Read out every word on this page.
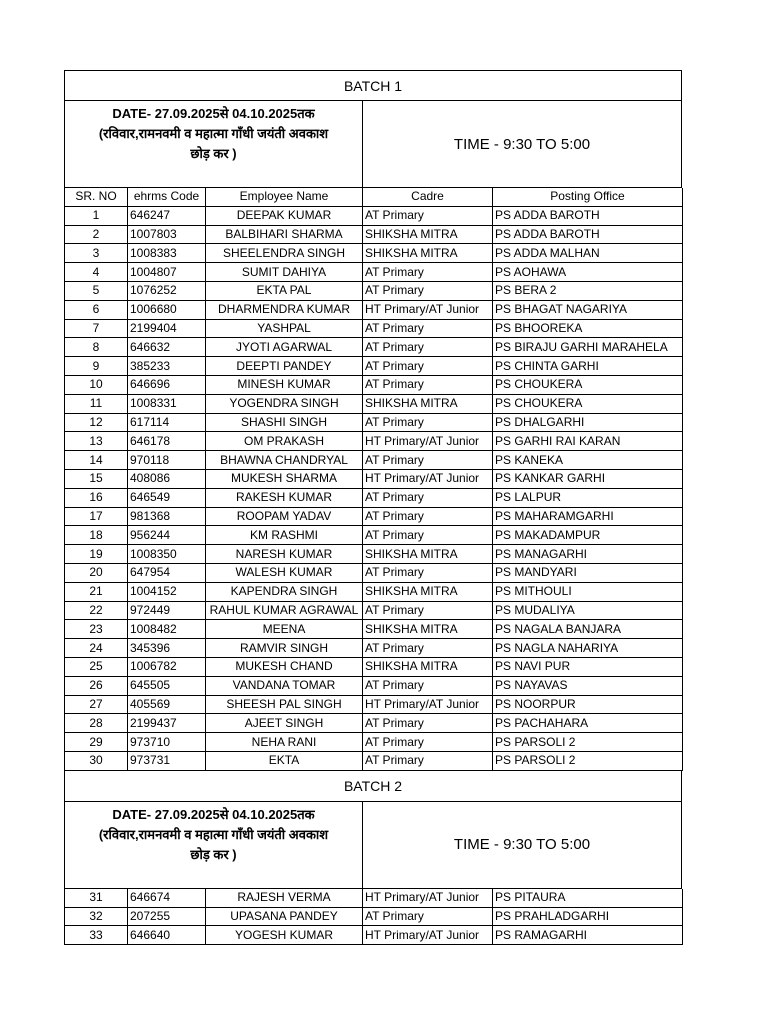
BATCH 1
DATE- 27.09.2025से 04.10.2025तक
(रविवार,रामनवमी व महात्मा गाँधी जयंती अवकाश
छोड़ कर )
TIME - 9:30 TO 5:00
SR. NO	ehrms Code	Employee Name	Cadre	Posting Office
1	646247	DEEPAK KUMAR	AT Primary	PS ADDA BAROTH
2	1007803	BALBIHARI SHARMA	SHIKSHA MITRA	PS ADDA BAROTH
3	1008383	SHEELENDRA SINGH	SHIKSHA MITRA	PS ADDA MALHAN
4	1004807	SUMIT DAHIYA	AT Primary	PS AOHAWA
5	1076252	EKTA PAL	AT Primary	PS BERA 2
6	1006680	DHARMENDRA KUMAR	HT Primary/AT Junior	PS BHAGAT NAGARIYA
7	2199404	YASHPAL	AT Primary	PS BHOOREKA
8	646632	JYOTI AGARWAL	AT Primary	PS BIRAJU GARHI MARAHELA
9	385233	DEEPTI PANDEY	AT Primary	PS CHINTA GARHI
10	646696	MINESH KUMAR	AT Primary	PS CHOUKERA
11	1008331	YOGENDRA SINGH	SHIKSHA MITRA	PS CHOUKERA
12	617114	SHASHI SINGH	AT Primary	PS DHALGARHI
13	646178	OM PRAKASH	HT Primary/AT Junior	PS GARHI RAI KARAN
14	970118	BHAWNA CHANDRYAL	AT Primary	PS KANEKA
15	408086	MUKESH SHARMA	HT Primary/AT Junior	PS KANKAR GARHI
16	646549	RAKESH KUMAR	AT Primary	PS LALPUR
17	981368	ROOPAM YADAV	AT Primary	PS MAHARAMGARHI
18	956244	KM RASHMI	AT Primary	PS MAKADAMPUR
19	1008350	NARESH KUMAR	SHIKSHA MITRA	PS MANAGARHI
20	647954	WALESH KUMAR	AT Primary	PS MANDYARI
21	1004152	KAPENDRA SINGH	SHIKSHA MITRA	PS MITHOULI
22	972449	RAHUL KUMAR AGRAWAL	AT Primary	PS MUDALIYA
23	1008482	MEENA	SHIKSHA MITRA	PS NAGALA BANJARA
24	345396	RAMVIR SINGH	AT Primary	PS NAGLA NAHARIYA
25	1006782	MUKESH CHAND	SHIKSHA MITRA	PS NAVI PUR
26	645505	VANDANA TOMAR	AT Primary	PS NAYAVAS
27	405569	SHEESH PAL SINGH	HT Primary/AT Junior	PS NOORPUR
28	2199437	AJEET SINGH	AT Primary	PS PACHAHARA
29	973710	NEHA RANI	AT Primary	PS PARSOLI 2
30	973731	EKTA	AT Primary	PS PARSOLI 2
BATCH 2
DATE- 27.09.2025से 04.10.2025तक
(रविवार,रामनवमी व महात्मा गाँधी जयंती अवकाश
छोड़ कर )
TIME - 9:30 TO 5:00
31	646674	RAJESH VERMA	HT Primary/AT Junior	PS PITAURA
32	207255	UPASANA PANDEY	AT Primary	PS PRAHLADGARHI
33	646640	YOGESH KUMAR	HT Primary/AT Junior	PS RAMAGARHI
